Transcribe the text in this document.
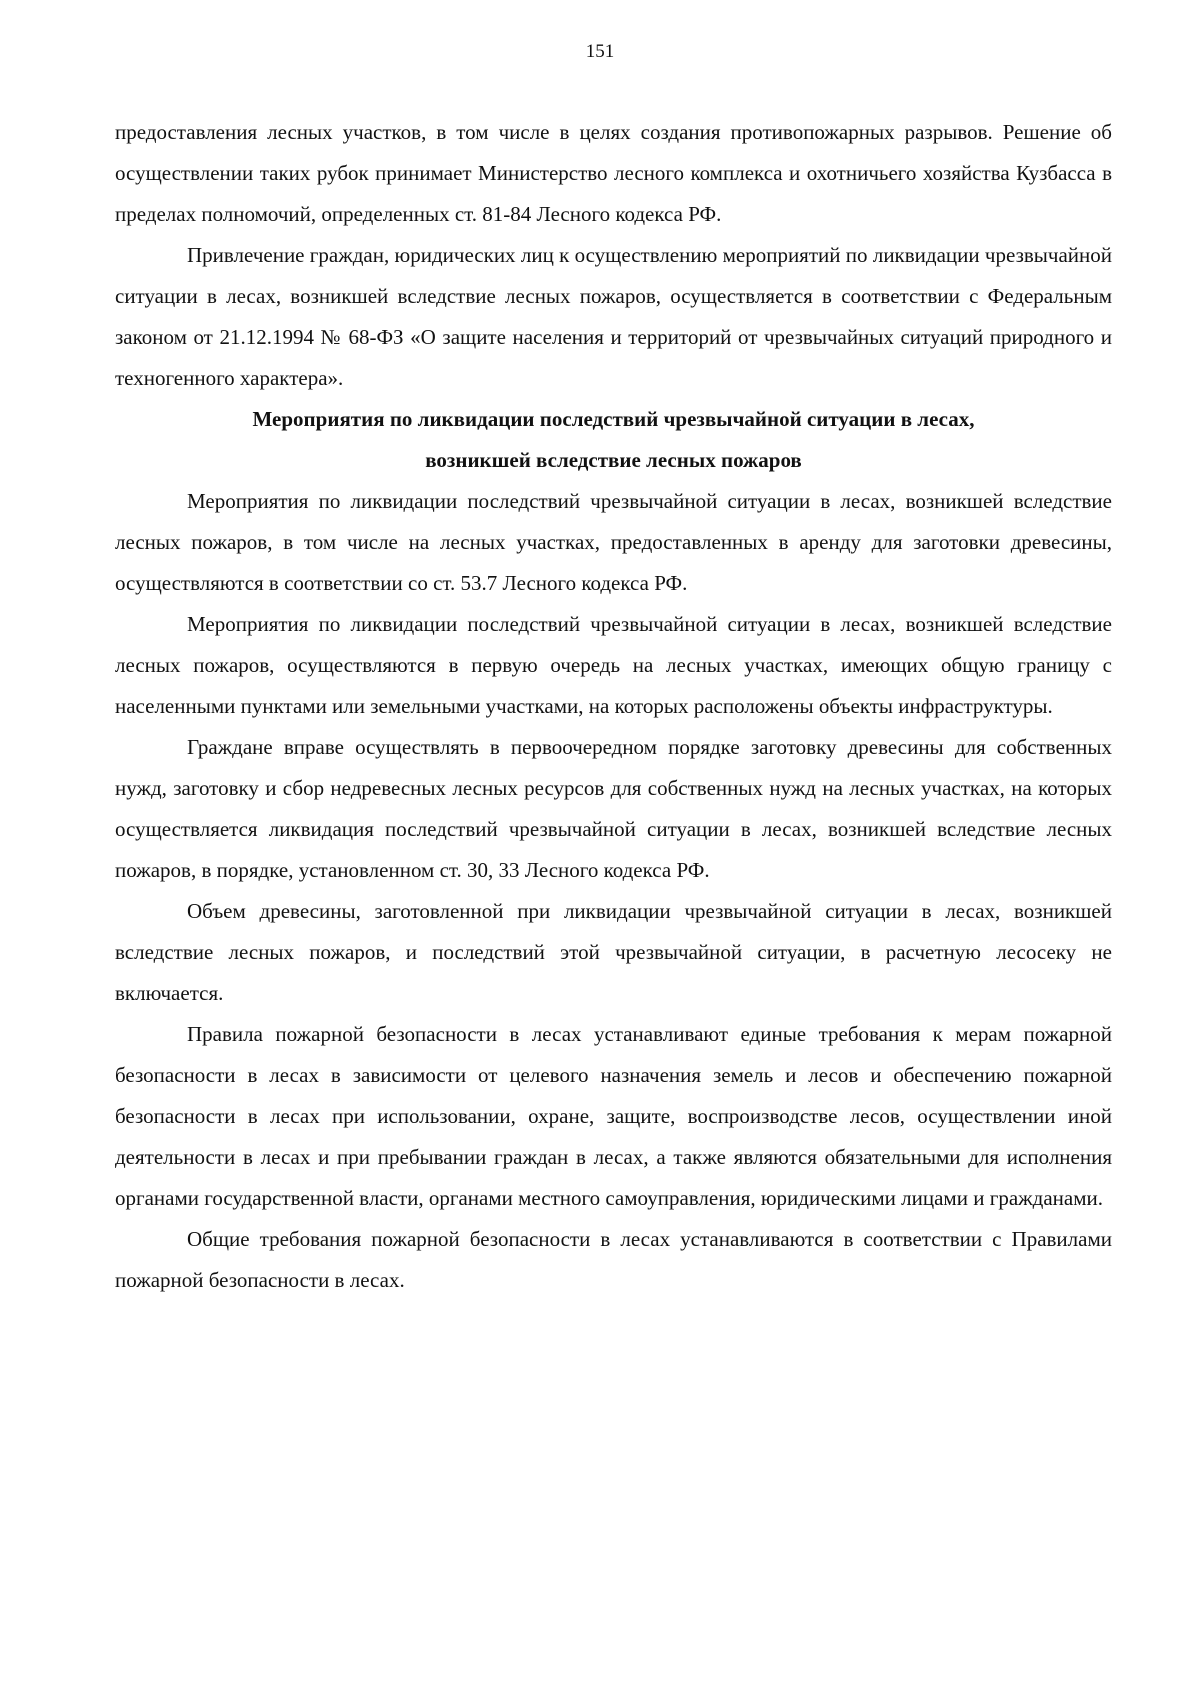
151

предоставления лесных участков, в том числе в целях создания противопожарных разрывов. Решение об осуществлении таких рубок принимает Министерство лесного комплекса и охотничьего хозяйства Кузбасса в пределах полномочий, определенных ст. 81-84 Лесного кодекса РФ.

Привлечение граждан, юридических лиц к осуществлению мероприятий по ликвидации чрезвычайной ситуации в лесах, возникшей вследствие лесных пожаров, осуществляется в соответствии с Федеральным законом от 21.12.1994 № 68-ФЗ «О защите населения и территорий от чрезвычайных ситуаций природного и техногенного характера».

Мероприятия по ликвидации последствий чрезвычайной ситуации в лесах,
возникшей вследствие лесных пожаров

Мероприятия по ликвидации последствий чрезвычайной ситуации в лесах, возникшей вследствие лесных пожаров, в том числе на лесных участках, предоставленных в аренду для заготовки древесины, осуществляются в соответствии со ст. 53.7 Лесного кодекса РФ.

Мероприятия по ликвидации последствий чрезвычайной ситуации в лесах, возникшей вследствие лесных пожаров, осуществляются в первую очередь на лесных участках, имеющих общую границу с населенными пунктами или земельными участками, на которых расположены объекты инфраструктуры.

Граждане вправе осуществлять в первоочередном порядке заготовку древесины для собственных нужд, заготовку и сбор недревесных лесных ресурсов для собственных нужд на лесных участках, на которых осуществляется ликвидация последствий чрезвычайной ситуации в лесах, возникшей вследствие лесных пожаров, в порядке, установленном ст. 30, 33 Лесного кодекса РФ.

Объем древесины, заготовленной при ликвидации чрезвычайной ситуации в лесах, возникшей вследствие лесных пожаров, и последствий этой чрезвычайной ситуации, в расчетную лесосеку не включается.

Правила пожарной безопасности в лесах устанавливают единые требования к мерам пожарной безопасности в лесах в зависимости от целевого назначения земель и лесов и обеспечению пожарной безопасности в лесах при использовании, охране, защите, воспроизводстве лесов, осуществлении иной деятельности в лесах и при пребывании граждан в лесах, а также являются обязательными для исполнения органами государственной власти, органами местного самоуправления, юридическими лицами и гражданами.

Общие требования пожарной безопасности в лесах устанавливаются в соответствии с Правилами пожарной безопасности в лесах.
